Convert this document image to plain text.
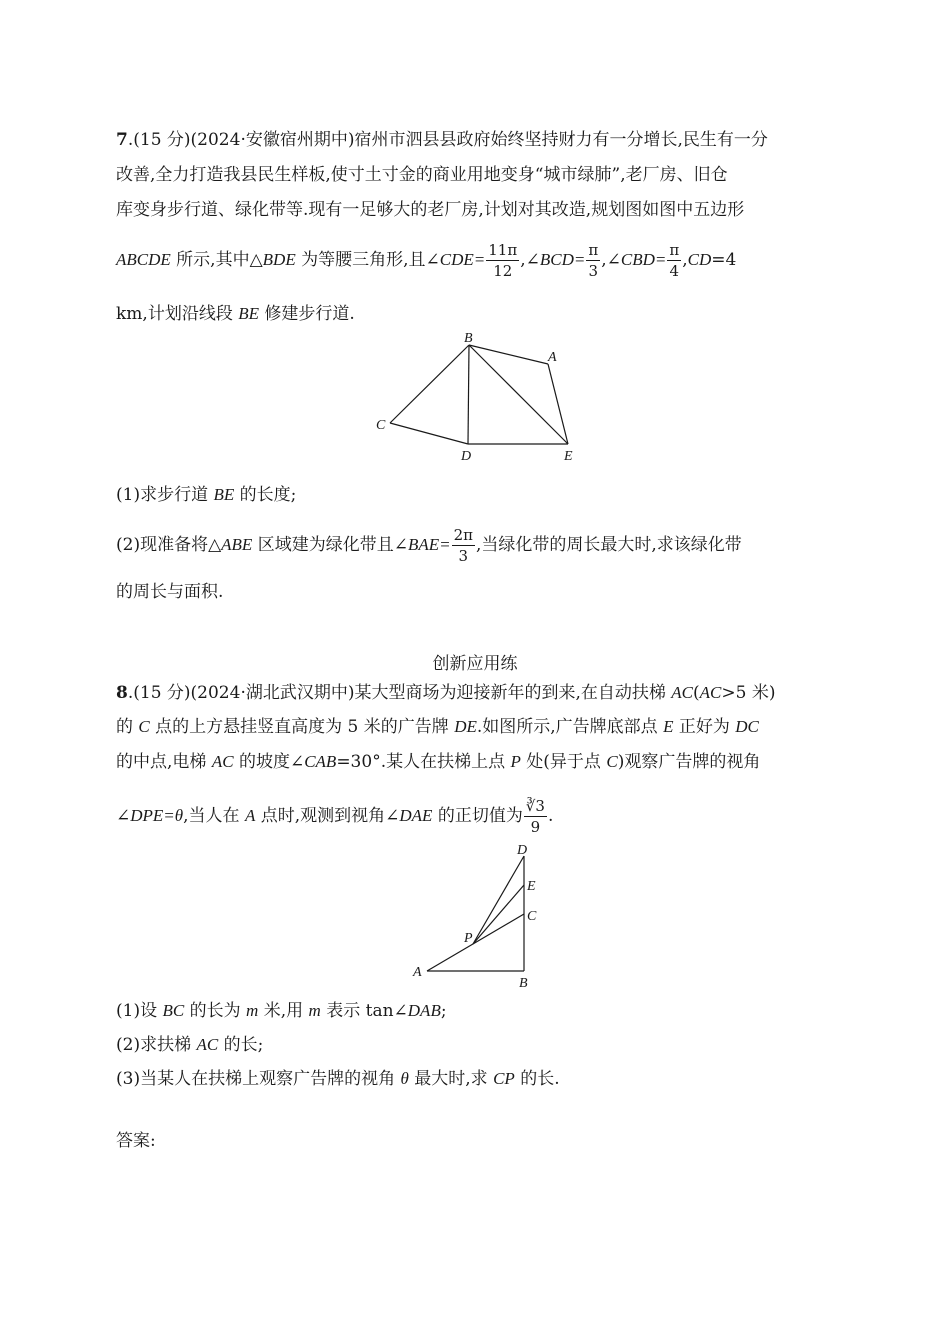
7.(15 分)(2024·安徽宿州期中)宿州市泗县县政府始终坚持财力有一分增长,民生有一分
改善,全力打造我县民生样板,使寸土寸金的商业用地变身“城市绿肺”,老厂房、旧仓
库变身步行道、绿化带等.现有一足够大的老厂房,计划对其改造,规划图如图中五边形
ABCDE 所示,其中△BDE 为等腰三角形,且∠CDE= $\frac{11\pi}{12}$ ,∠BCD= $\frac{\pi}{3}$ ,∠CBD= $\frac{\pi}{4} ,CD=4$
km,计划沿线段 BE 修建步行道.
B
A
C
D	E
(1)求步行道 BE 的长度;
(2)现准备将△ABE 区域建为绿化带且∠BAE= $\frac{2\pi}{3}$ ,当绿化带的周长最大时,求该绿化带
的周长与面积.
创新应用练
8.(15 分)(2024·湖北武汉期中)某大型商场为迎接新年的到来,在自动扶梯 AC(AC>5 米)
的 C 点的上方悬挂竖直高度为 5 米的广告牌 DE.如图所示,广告牌底部点 E 正好为 DC
的中点,电梯 AC 的坡度∠CAB=30°.某人在扶梯上点 P 处(异于点 C)观察广告牌的视角
∠DPE=θ,当人在 A 点时,观测到视角∠DAE 的正切值为 $\frac{∛3}{9}$ .
D
E
C
P
A
B
(1)设 BC 的长为 m 米,用 m 表示 tan∠DAB;
(2)求扶梯 AC 的长;
(3)当某人在扶梯上观察广告牌的视角 θ 最大时,求 CP 的长.
答案:
